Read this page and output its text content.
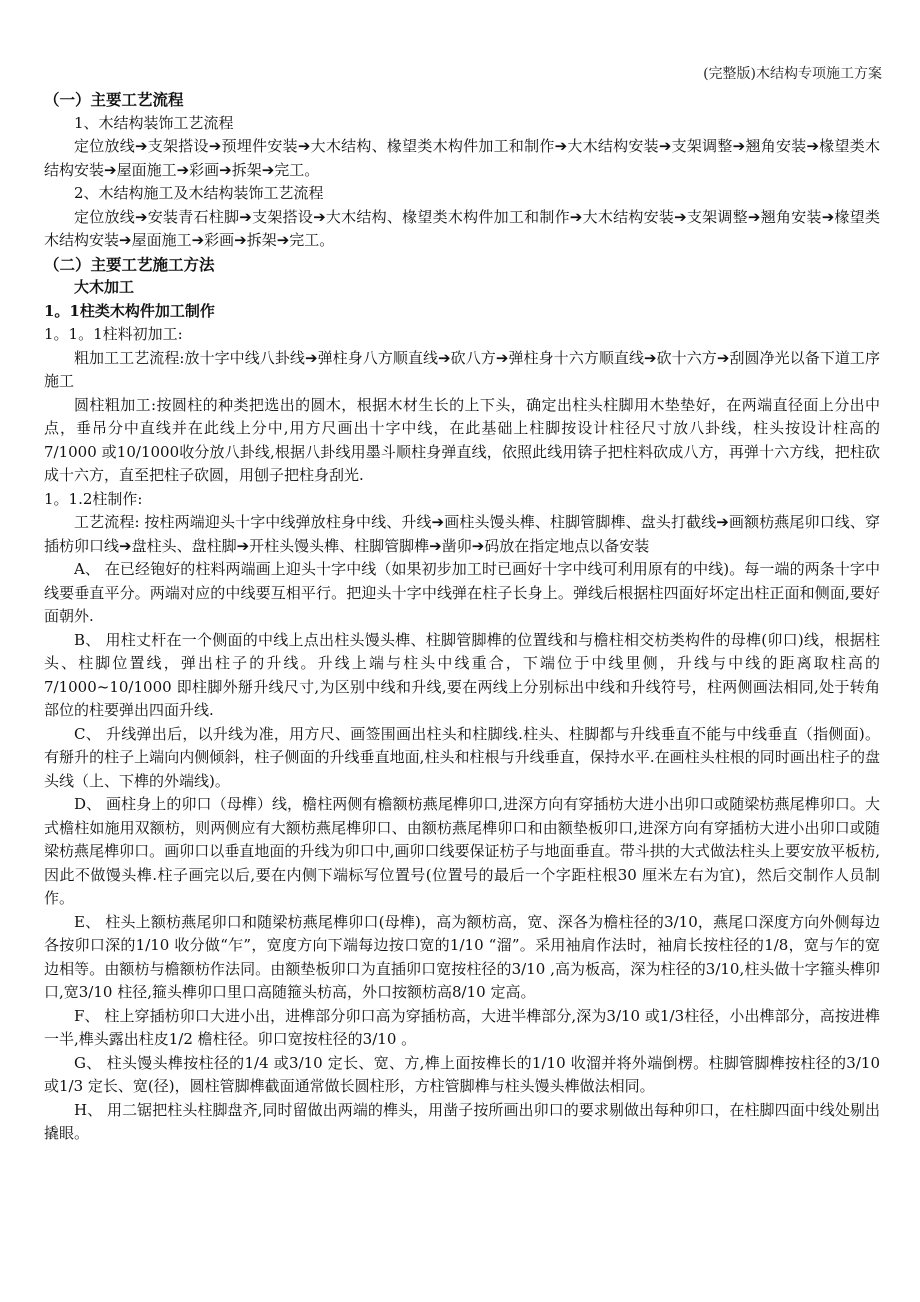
(完整版)木结构专项施工方案

（一）主要工艺流程

1、木结构装饰工艺流程

定位放线➔支架搭设➔预埋件安装➔大木结构、椽望类木构件加工和制作➔大木结构安装➔支架调整➔翘角安装➔椽望类木结构安装➔屋面施工➔彩画➔拆架➔完工。

2、木结构施工及木结构装饰工艺流程

定位放线➔安装青石柱脚➔支架搭设➔大木结构、椽望类木构件加工和制作➔大木结构安装➔支架调整➔翘角安装➔椽望类木结构安装➔屋面施工➔彩画➔拆架➔完工。

（二）主要工艺施工方法

大木加工

1。1柱类木构件加工制作

1。1。1柱料初加工:

粗加工工艺流程:放十字中线八卦线➔弹柱身八方顺直线➔砍八方➔弹柱身十六方顺直线➔砍十六方➔刮圆净光以备下道工序施工

圆柱粗加工:按圆柱的种类把选出的圆木，根据木材生长的上下头，确定出柱头柱脚用木垫垫好，在两端直径面上分出中点，垂吊分中直线并在此线上分中,用方尺画出十字中线，在此基础上柱脚按设计柱径尺寸放八卦线，柱头按设计柱高的7/1000 或10/1000收分放八卦线,根据八卦线用墨斗顺柱身弹直线，依照此线用锛子把柱料砍成八方，再弹十六方线，把柱砍成十六方，直至把柱子砍圆，用刨子把柱身刮光.

1。1.2柱制作:

工艺流程: 按柱两端迎头十字中线弹放柱身中线、升线➔画柱头馒头榫、柱脚管脚榫、盘头打截线➔画额枋燕尾卯口线、穿插枋卯口线➔盘柱头、盘柱脚➔开柱头馒头榫、柱脚管脚榫➔凿卯➔码放在指定地点以备安装

A、 在已经铇好的柱料两端画上迎头十字中线（如果初步加工时已画好十字中线可利用原有的中线)。每一端的两条十字中线要垂直平分。两端对应的中线要互相平行。把迎头十字中线弹在柱子长身上。弹线后根据柱四面好坏定出柱正面和侧面,要好面朝外.

B、 用柱丈杆在一个侧面的中线上点出柱头馒头榫、柱脚管脚榫的位置线和与檐柱相交枋类构件的母榫(卯口)线，根据柱头、柱脚位置线，弹出柱子的升线。升线上端与柱头中线重合，下端位于中线里侧，升线与中线的距离取柱高的7/1000~10/1000 即柱脚外掰升线尺寸,为区别中线和升线,要在两线上分别标出中线和升线符号，柱两侧画法相同,处于转角部位的柱要弹出四面升线.

C、 升线弹出后，以升线为准，用方尺、画签围画出柱头和柱脚线.柱头、柱脚都与升线垂直不能与中线垂直（指侧面)。有掰升的柱子上端向内侧倾斜，柱子侧面的升线垂直地面,柱头和柱根与升线垂直，保持水平.在画柱头柱根的同时画出柱子的盘头线（上、下榫的外端线)。

D、 画柱身上的卯口（母榫）线，檐柱两侧有檐额枋燕尾榫卯口,进深方向有穿插枋大进小出卯口或随梁枋燕尾榫卯口。大式檐柱如施用双额枋，则两侧应有大额枋燕尾榫卯口、由额枋燕尾榫卯口和由额垫板卯口,进深方向有穿插枋大进小出卯口或随梁枋燕尾榫卯口。画卯口以垂直地面的升线为卯口中,画卯口线要保证枋子与地面垂直。带斗拱的大式做法柱头上要安放平板枋,因此不做馒头榫.柱子画完以后,要在内侧下端标写位置号(位置号的最后一个字距柱根30 厘米左右为宜)，然后交制作人员制作。

E、 柱头上额枋燕尾卯口和随梁枋燕尾榫卯口(母榫)，高为额枋高，宽、深各为檐柱径的3/10，燕尾口深度方向外侧每边各按卯口深的1/10 收分做“乍”，宽度方向下端每边按口宽的1/10 “溜”。采用袖肩作法时，袖肩长按柱径的1/8，宽与乍的宽边相等。由额枋与檐额枋作法同。由额垫板卯口为直插卯口宽按柱径的3/10 ,高为板高，深为柱径的3/10,柱头做十字箍头榫卯口,宽3/10 柱径,箍头榫卯口里口高随箍头枋高，外口按额枋高8/10 定高。

F、 柱上穿插枋卯口大进小出，进榫部分卯口高为穿插枋高，大进半榫部分,深为3/10 或1/3柱径，小出榫部分，高按进榫一半,榫头露出柱皮1/2 檐柱径。卯口宽按柱径的3/10 。

G、 柱头馒头榫按柱径的1/4 或3/10 定长、宽、方,榫上面按榫长的1/10 收溜并将外端倒楞。柱脚管脚榫按柱径的3/10 或1/3 定长、宽(径)，圆柱管脚榫截面通常做长圆柱形，方柱管脚榫与柱头馒头榫做法相同。

H、 用二锯把柱头柱脚盘齐,同时留做出两端的榫头，用凿子按所画出卯口的要求剔做出每种卯口，在柱脚四面中线处剔出撬眼。
